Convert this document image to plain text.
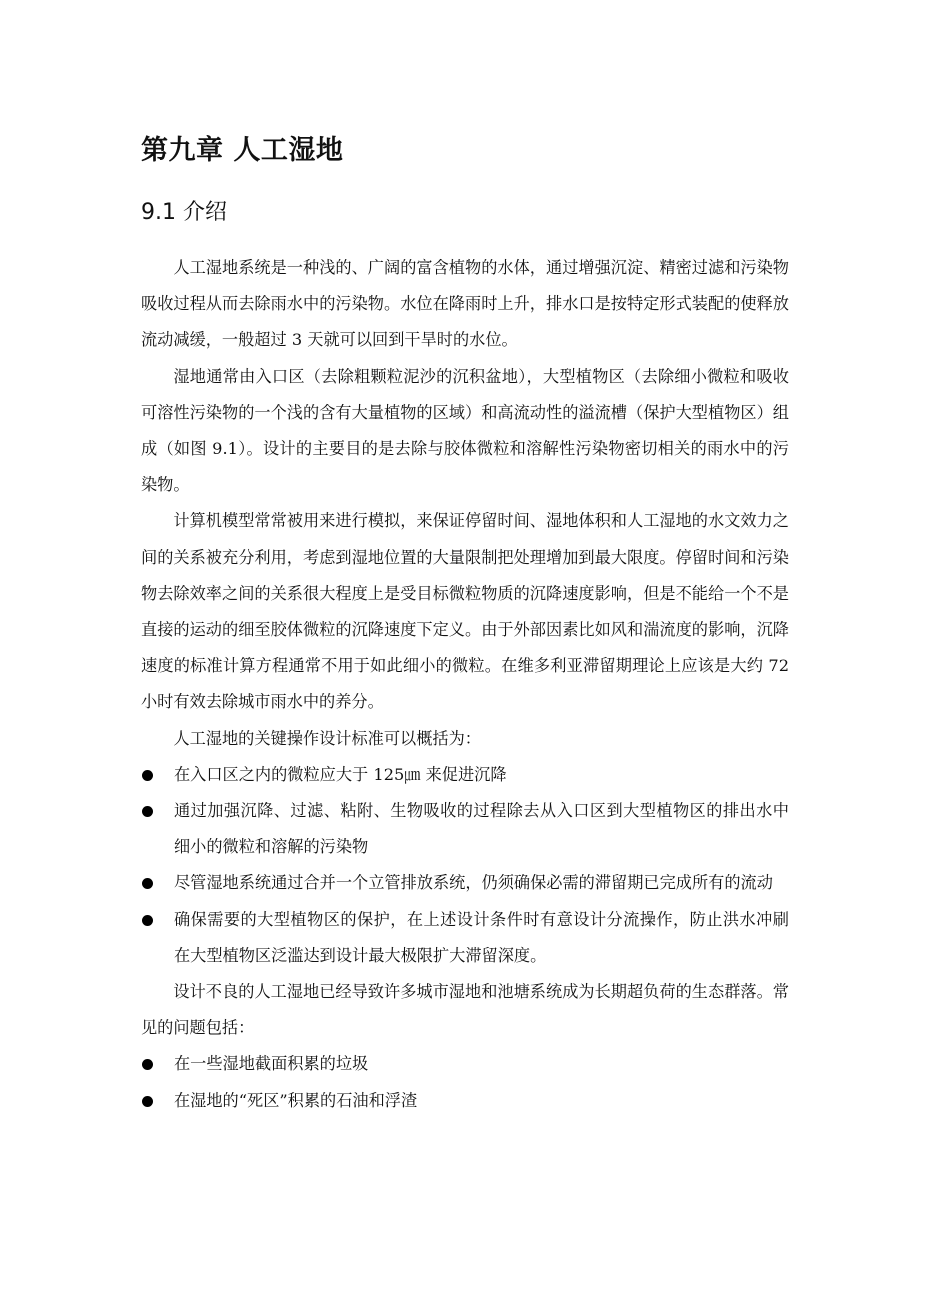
第九章 人工湿地
9.1 介绍

人工湿地系统是一种浅的、广阔的富含植物的水体，通过增强沉淀、精密过滤和污染物吸收过程从而去除雨水中的污染物。水位在降雨时上升，排水口是按特定形式装配的使释放流动减缓，一般超过 3 天就可以回到干旱时的水位。

湿地通常由入口区（去除粗颗粒泥沙的沉积盆地），大型植物区（去除细小微粒和吸收可溶性污染物的一个浅的含有大量植物的区域）和高流动性的溢流槽（保护大型植物区）组成（如图 9.1）。设计的主要目的是去除与胶体微粒和溶解性污染物密切相关的雨水中的污染物。

计算机模型常常被用来进行模拟，来保证停留时间、湿地体积和人工湿地的水文效力之间的关系被充分利用，考虑到湿地位置的大量限制把处理增加到最大限度。停留时间和污染物去除效率之间的关系很大程度上是受目标微粒物质的沉降速度影响，但是不能给一个不是直接的运动的细至胶体微粒的沉降速度下定义。由于外部因素比如风和湍流度的影响，沉降速度的标准计算方程通常不用于如此细小的微粒。在维多利亚滞留期理论上应该是大约 72 小时有效去除城市雨水中的养分。

人工湿地的关键操作设计标准可以概括为：

在入口区之内的微粒应大于 125㎛ 来促进沉降
通过加强沉降、过滤、粘附、生物吸收的过程除去从入口区到大型植物区的排出水中细小的微粒和溶解的污染物
尽管湿地系统通过合并一个立管排放系统，仍须确保必需的滞留期已完成所有的流动
确保需要的大型植物区的保护，在上述设计条件时有意设计分流操作，防止洪水冲刷在大型植物区泛滥达到设计最大极限扩大滞留深度。

设计不良的人工湿地已经导致许多城市湿地和池塘系统成为长期超负荷的生态群落。常见的问题包括：

在一些湿地截面积累的垃圾
在湿地的“死区”积累的石油和浮渣
